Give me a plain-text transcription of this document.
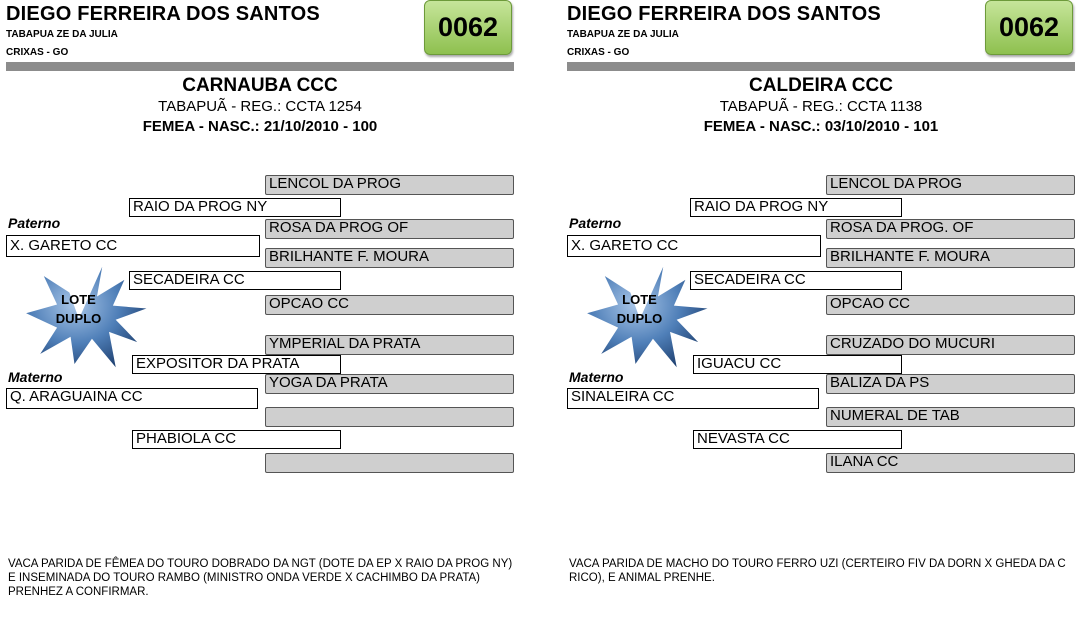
DIEGO FERREIRA DOS SANTOS
TABAPUA ZE DA JULIA
CRIXAS - GO
0062
CARNAUBA CCC
TABAPUÃ - REG.: CCTA 1254
FEMEA - NASC.: 21/10/2010 - 100
LENCOL DA PROG
RAIO DA PROG NY
Paterno	ROSA DA PROG OF
X. GARETO CC
BRILHANTE F. MOURA
SECADEIRA CC
OPCAO CC
YMPERIAL DA PRATA
EXPOSITOR DA PRATA
Materno	YOGA DA PRATA
Q. ARAGUAINA CC
PHABIOLA CC
LOTE
DUPLO
VACA PARIDA DE FÊMEA DO TOURO DOBRADO DA NGT (DOTE DA EP X RAIO DA PROG NY) E INSEMINADA DO TOURO RAMBO (MINISTRO ONDA VERDE X CACHIMBO DA PRATA)
PRENHEZ A CONFIRMAR.
DIEGO FERREIRA DOS SANTOS
TABAPUA ZE DA JULIA
CRIXAS - GO
0062
CALDEIRA CCC
TABAPUÃ - REG.: CCTA 1138
FEMEA - NASC.: 03/10/2010 - 101
LENCOL DA PROG
RAIO DA PROG NY
Paterno	ROSA DA PROG. OF
X. GARETO CC
BRILHANTE F. MOURA
SECADEIRA CC
OPCAO CC
CRUZADO DO MUCURI
IGUACU CC
Materno	BALIZA DA PS
SINALEIRA CC
NUMERAL DE TAB
NEVASTA CC
ILANA CC
LOTE
DUPLO
VACA PARIDA DE MACHO DO TOURO FERRO UZI (CERTEIRO FIV DA DORN X GHEDA DA C RICO), E ANIMAL PRENHE.
